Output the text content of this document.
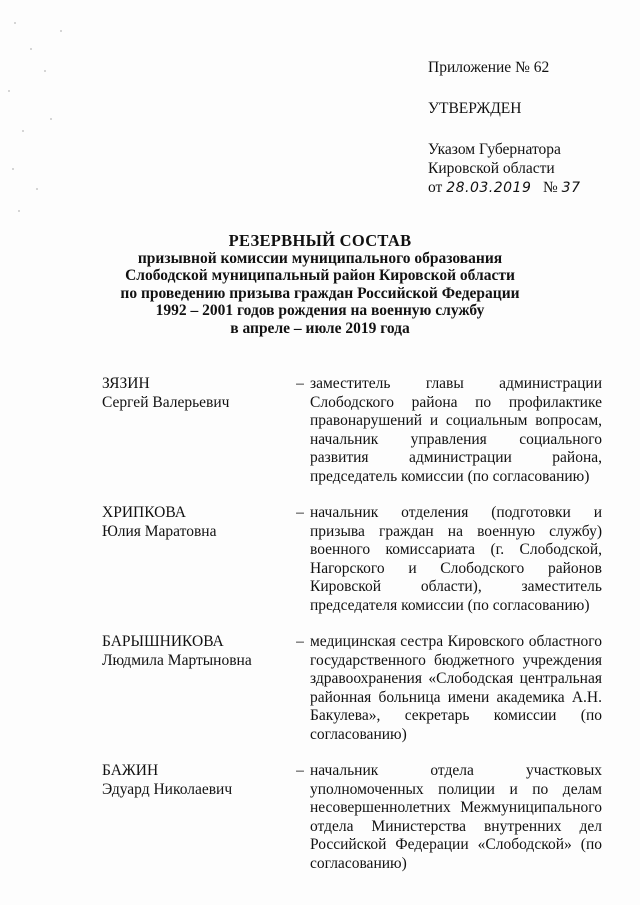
Приложение № 62
УТВЕРЖДЕН
Указом Губернатора
Кировской области
от 28.03.2019 № 37
РЕЗЕРВНЫЙ СОСТАВ
призывной комиссии муниципального образования
Слободской муниципальный район Кировской области
по проведению призыва граждан Российской Федерации
1992 – 2001 годов рождения на военную службу
в апреле – июле 2019 года
ЗЯЗИН
Сергей Валерьевич
– заместитель главы администрации Слободского района по профилактике правонарушений и социальным вопросам, начальник управления социального развития администрации района, председатель комиссии (по согласованию)
ХРИПКОВА
Юлия Маратовна
– начальник отделения (подготовки и призыва граждан на военную службу) военного комиссариата (г. Слободской, Нагорского и Слободского районов Кировской области), заместитель председателя комиссии (по согласованию)
БАРЫШНИКОВА
Людмила Мартыновна
– медицинская сестра Кировского областного государственного бюджетного учреждения здравоохранения «Слободская центральная районная больница имени академика А.Н. Бакулева», секретарь комиссии (по согласованию)
БАЖИН
Эдуард Николаевич
– начальник отдела участковых уполномоченных полиции и по делам несовершеннолетних Межмуниципального отдела Министерства внутренних дел Российской Федерации «Слободской» (по согласованию)
